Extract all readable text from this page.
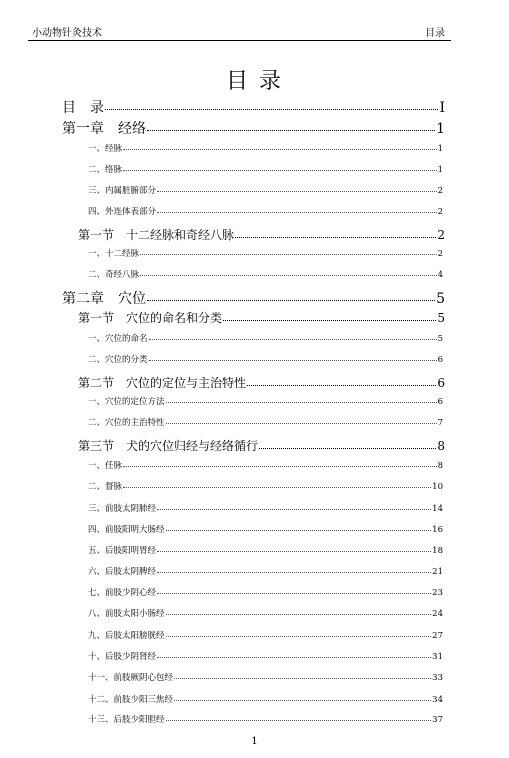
小动物针灸技术	目录
目 录
目　录	I
第一章　经络	1
一、经脉	1
二、络脉	1
三、内属脏腑部分	2
四、外连体表部分	2
第一节　十二经脉和奇经八脉	2
一、十二经脉	2
二、奇经八脉	4
第二章　穴位	5
第一节　穴位的命名和分类	5
一、穴位的命名	5
二、穴位的分类	6
第二节　穴位的定位与主治特性	6
一、穴位的定位方法	6
二、穴位的主治特性	7
第三节　犬的穴位归经与经络循行	8
一、任脉	8
二、督脉	10
三、前肢太阴肺经	14
四、前肢阳明大肠经	16
五、后肢阳明胃经	18
六、后肢太阴脾经	21
七、前肢少阴心经	23
八、前肢太阳小肠经	24
九、后肢太阳膀胱经	27
十、后肢少阴肾经	31
十一、前肢厥阴心包经	33
十二、前肢少阳三焦经	34
十三、后肢少阳胆经	37
1
